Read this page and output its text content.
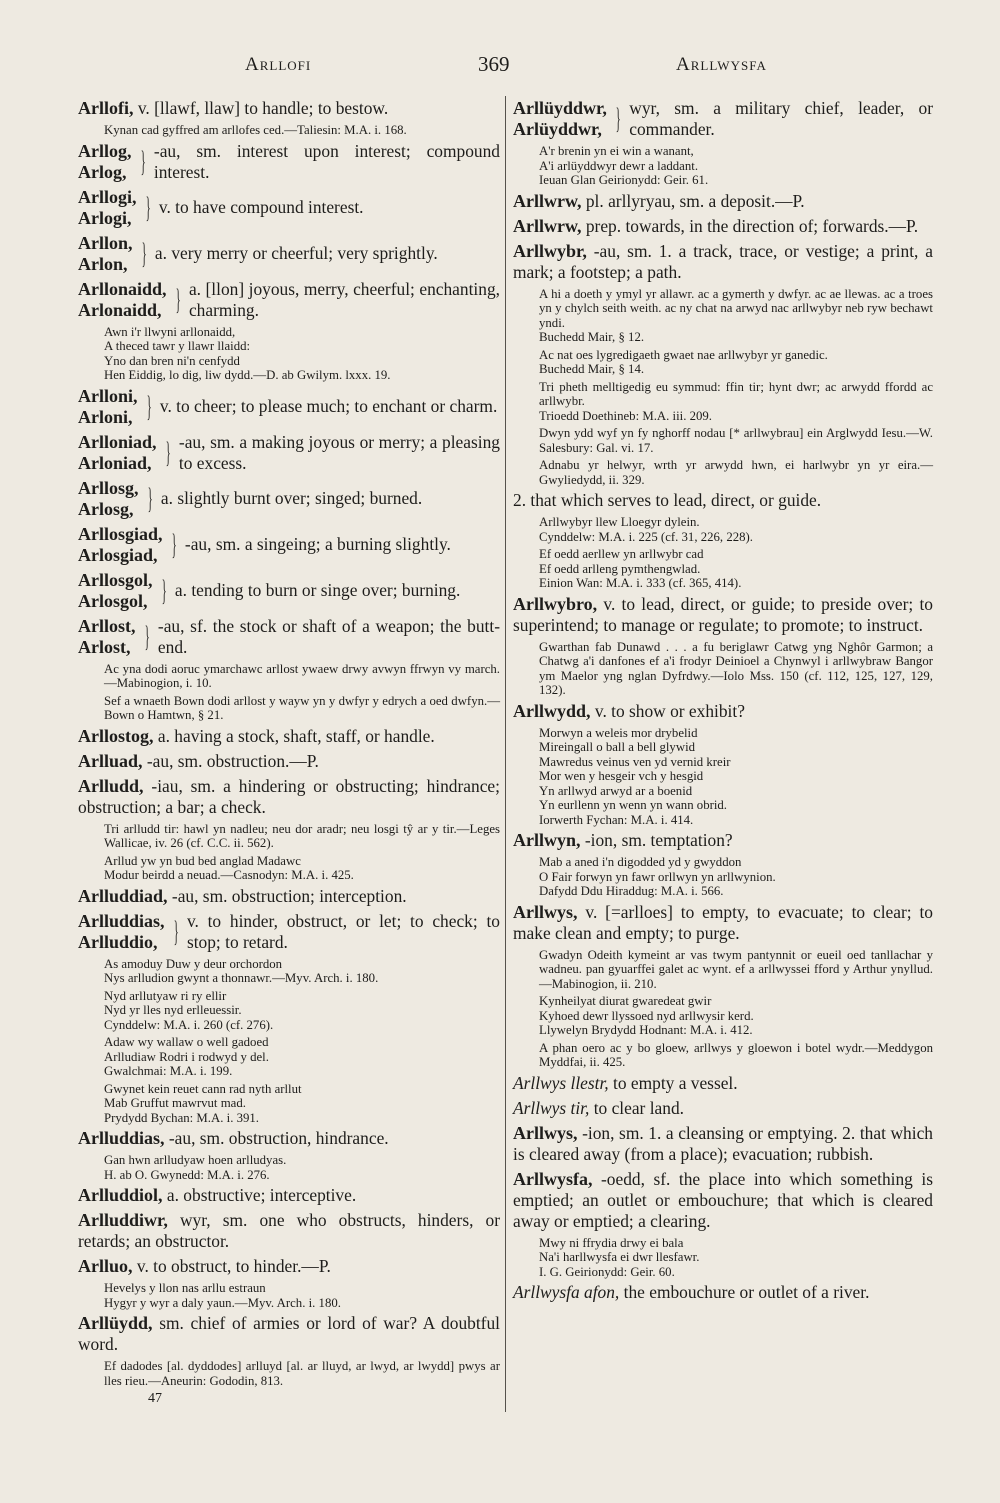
Arllofi	369	Arllwysfa
Arllofi, v. [llawf, llaw] to handle; to bestow.
Kynan cad gyffred am arllofes ced.—Taliesin: M.A. i. 168.
Arllog,
Arlog, } -au, sm. interest upon interest; compound interest.
Arllogi,
Arlogi, } v. to have compound interest.
Arllon,
Arlon, } a. very merry or cheerful; very sprightly.
Arllonaidd,
Arlonaidd, } a. [llon] joyous, merry, cheerful; enchanting, charming.
Awn i'r llwyni arllonaidd,
A theced tawr y llawr llaidd:
Yno dan bren ni'n cenfydd
Hen Eiddig, lo dig, liw dydd.—D. ab Gwilym. lxxx. 19.
Arlloni,
Arloni, } v. to cheer; to please much; to enchant or charm.
Arlloniad,
Arloniad, } -au, sm. a making joyous or merry; a pleasing to excess.
Arllosg,
Arlosg, } a. slightly burnt over; singed; burned.
Arllosgiad,
Arlosgiad, } -au, sm. a singeing; a burning slightly.
Arllosgol,
Arlosgol, } a. tending to burn or singe over; burning.
Arllost,
Arlost, } -au, sf. the stock or shaft of a weapon; the butt-end.
Ac yna dodi aoruc ymarchawc arllost ywaew drwy avwyn ffrwyn vy march.—Mabinogion, i. 10.
Sef a wnaeth Bown dodi arllost y wayw yn y dwfyr y edrych a oed dwfyn.—Bown o Hamtwn, § 21.
Arllostog, a. having a stock, shaft, staff, or handle.
Arlluad, -au, sm. obstruction.—P.
Arlludd, -iau, sm. a hindering or obstructing; hindrance; obstruction; a bar; a check.
Tri arlludd tir: hawl yn nadleu; neu dor aradr; neu losgi tŷ ar y tir.—Leges Wallicae, iv. 26 (cf. C.C. ii. 562).
Arllud yw yn bud bed anglad Madawc
Modur beirdd a neuad.—Casnodyn: M.A. i. 425.
Arlluddiad, -au, sm. obstruction; interception.
Arlluddias,
Arlluddio, } v. to hinder, obstruct, or let; to check; to stop; to retard.
As amoduy Duw y deur orchordon
Nys arlludion gwynt a thonnawr.—Myv. Arch. i. 180.
Nyd arllutyaw ri ry ellir
Nyd yr lles nyd erlleuessir.
Cynddelw: M.A. i. 260 (cf. 276).
Adaw wy wallaw o well gadoed
Arlludiaw Rodri i rodwyd y del.
Gwalchmai: M.A. i. 199.
Gwynet kein reuet cann rad nyth arllut
Mab Gruffut mawrvut mad.
Prydydd Bychan: M.A. i. 391.
Arlluddias, -au, sm. obstruction, hindrance.
Gan hwn arlludyaw hoen arlludyas.
H. ab O. Gwynedd: M.A. i. 276.
Arlluddiol, a. obstructive; interceptive.
Arlluddiwr, wyr, sm. one who obstructs, hinders, or retards; an obstructor.
Arlluo, v. to obstruct, to hinder.—P.
Hevelys y llon nas arllu estraun
Hygyr y wyr a daly yaun.—Myv. Arch. i. 180.
Arllüydd, sm. chief of armies or lord of war? A doubtful word.
Ef dadodes [al. dyddodes] arlluyd [al. ar lluyd, ar lwyd, ar lwydd] pwys ar lles rieu.—Aneurin: Gododin, 813.
47
Arllüyddwr,
Arlüyddwr, } wyr, sm. a military chief, leader, or commander.
A'r brenin yn ei win a wanant,
A'i arlüyddwyr dewr a laddant.
Ieuan Glan Geirionydd: Geir. 61.
Arllwrw, pl. arllyryau, sm. a deposit.—P.
Arllwrw, prep. towards, in the direction of; forwards.—P.
Arllwybr, -au, sm. 1. a track, trace, or vestige; a print, a mark; a footstep; a path.
A hi a doeth y ymyl yr allawr. ac a gymerth y dwfyr. ac ae llewas. ac a troes yn y chylch seith weith. ac ny chat na arwyd nac arllwybyr neb ryw bechawt yndi.
Buchedd Mair, § 12.
Ac nat oes lygredigaeth gwaet nae arllwybyr yr ganedic.
Buchedd Mair, § 14.
Tri pheth melltigedig eu symmud: ffin tir; hynt dwr; ac arwydd ffordd ac arllwybr.
Trioedd Doethineb: M.A. iii. 209.
Dwyn ydd wyf yn fy nghorff nodau [* arllwybrau] ein Arglwydd Iesu.—W. Salesbury: Gal. vi. 17.
Adnabu yr helwyr, wrth yr arwydd hwn, ei harlwybr yn yr eira.—Gwyliedydd, ii. 329.
2. that which serves to lead, direct, or guide.
Arllwybyr llew Lloegyr dylein.
Cynddelw: M.A. i. 225 (cf. 31, 226, 228).
Ef oedd aerllew yn arllwybr cad
Ef oedd arlleng pymthengwlad.
Einion Wan: M.A. i. 333 (cf. 365, 414).
Arllwybro, v. to lead, direct, or guide; to preside over; to superintend; to manage or regulate; to promote; to instruct.
Gwarthan fab Dunawd . . . a fu beriglawr Catwg yng Nghôr Garmon; a Chatwg a'i danfones ef a'i frodyr Deinioel a Chynwyl i arllwybraw Bangor ym Maelor yng nglan Dyfrdwy.—Iolo Mss. 150 (cf. 112, 125, 127, 129, 132).
Arllwydd, v. to show or exhibit?
Morwyn a weleis mor drybelid
Mireingall o ball a bell glywid
Mawredus veinus ven yd vernid kreir
Mor wen y hesgeir vch y hesgid
Yn arllwyd arwyd ar a boenid
Yn eurllenn yn wenn yn wann obrid.
Iorwerth Fychan: M.A. i. 414.
Arllwyn, -ion, sm. temptation?
Mab a aned i'n digodded yd y gwyddon
O Fair forwyn yn fawr orllwyn yn arllwynion.
Dafydd Ddu Hiraddug: M.A. i. 566.
Arllwys, v. [=arlloes] to empty, to evacuate; to clear; to make clean and empty; to purge.
Gwadyn Odeith kymeint ar vas twym pantynnit or eueil oed tanllachar y wadneu. pan gyuarffei galet ac wynt. ef a arllwyssei fford y Arthur ynyllud.—Mabinogion, ii. 210.
Kynheilyat diurat gwaredeat gwir
Kyhoed dewr llyssoed nyd arllwysir kerd.
Llywelyn Brydydd Hodnant: M.A. i. 412.
A phan oero ac y bo gloew, arllwys y gloewon i botel wydr.—Meddygon Myddfai, ii. 425.
Arllwys llestr, to empty a vessel.
Arllwys tir, to clear land.
Arllwys, -ion, sm. 1. a cleansing or emptying. 2. that which is cleared away (from a place); evacuation; rubbish.
Arllwysfa, -oedd, sf. the place into which something is emptied; an outlet or embouchure; that which is cleared away or emptied; a clearing.
Mwy ni ffrydia drwy ei bala
Na'i harllwysfa ei dwr llesfawr.
I. G. Geirionydd: Geir. 60.
Arllwysfa afon, the embouchure or outlet of a river.
